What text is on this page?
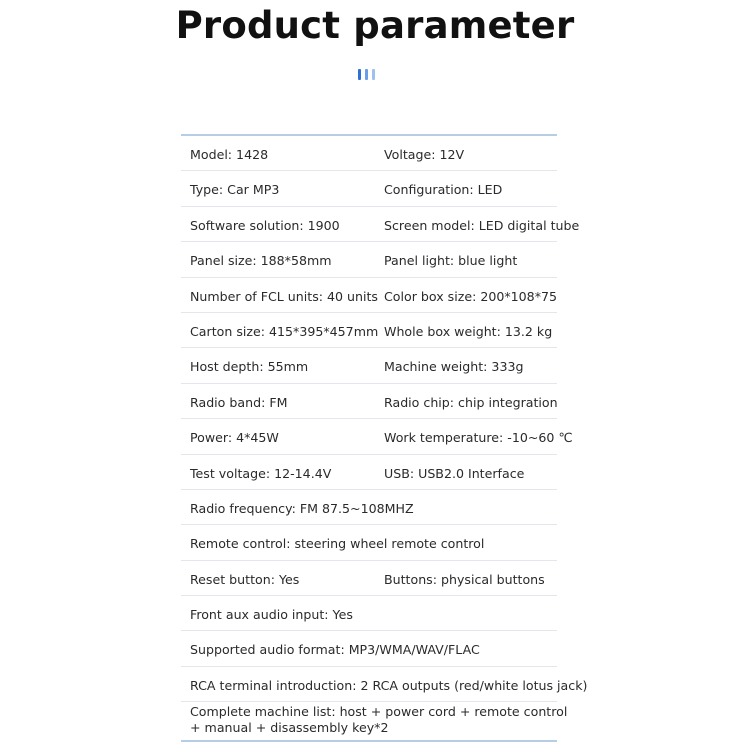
Product parameter
Model: 1428	Voltage: 12V
Type: Car MP3	Configuration: LED
Software solution: 1900	Screen model: LED digital tube
Panel size: 188*58mm	Panel light: blue light
Number of FCL units: 40 units Color box size: 200*108*75
Carton size: 415*395*457mm Whole box weight: 13.2 kg
Host depth: 55mm	Machine weight: 333g
Radio band: FM	Radio chip: chip integration
Power: 4*45W	Work temperature: -10~60 ℃
Test voltage: 12-14.4V	USB: USB2.0 Interface
Radio frequency: FM 87.5~108MHZ
Remote control: steering wheel remote control
Reset button: Yes	Buttons: physical buttons
Front aux audio input: Yes
Supported audio format: MP3/WMA/WAV/FLAC
RCA terminal introduction: 2 RCA outputs (red/white lotus jack)
Complete machine list: host + power cord + remote control + manual + disassembly key*2
